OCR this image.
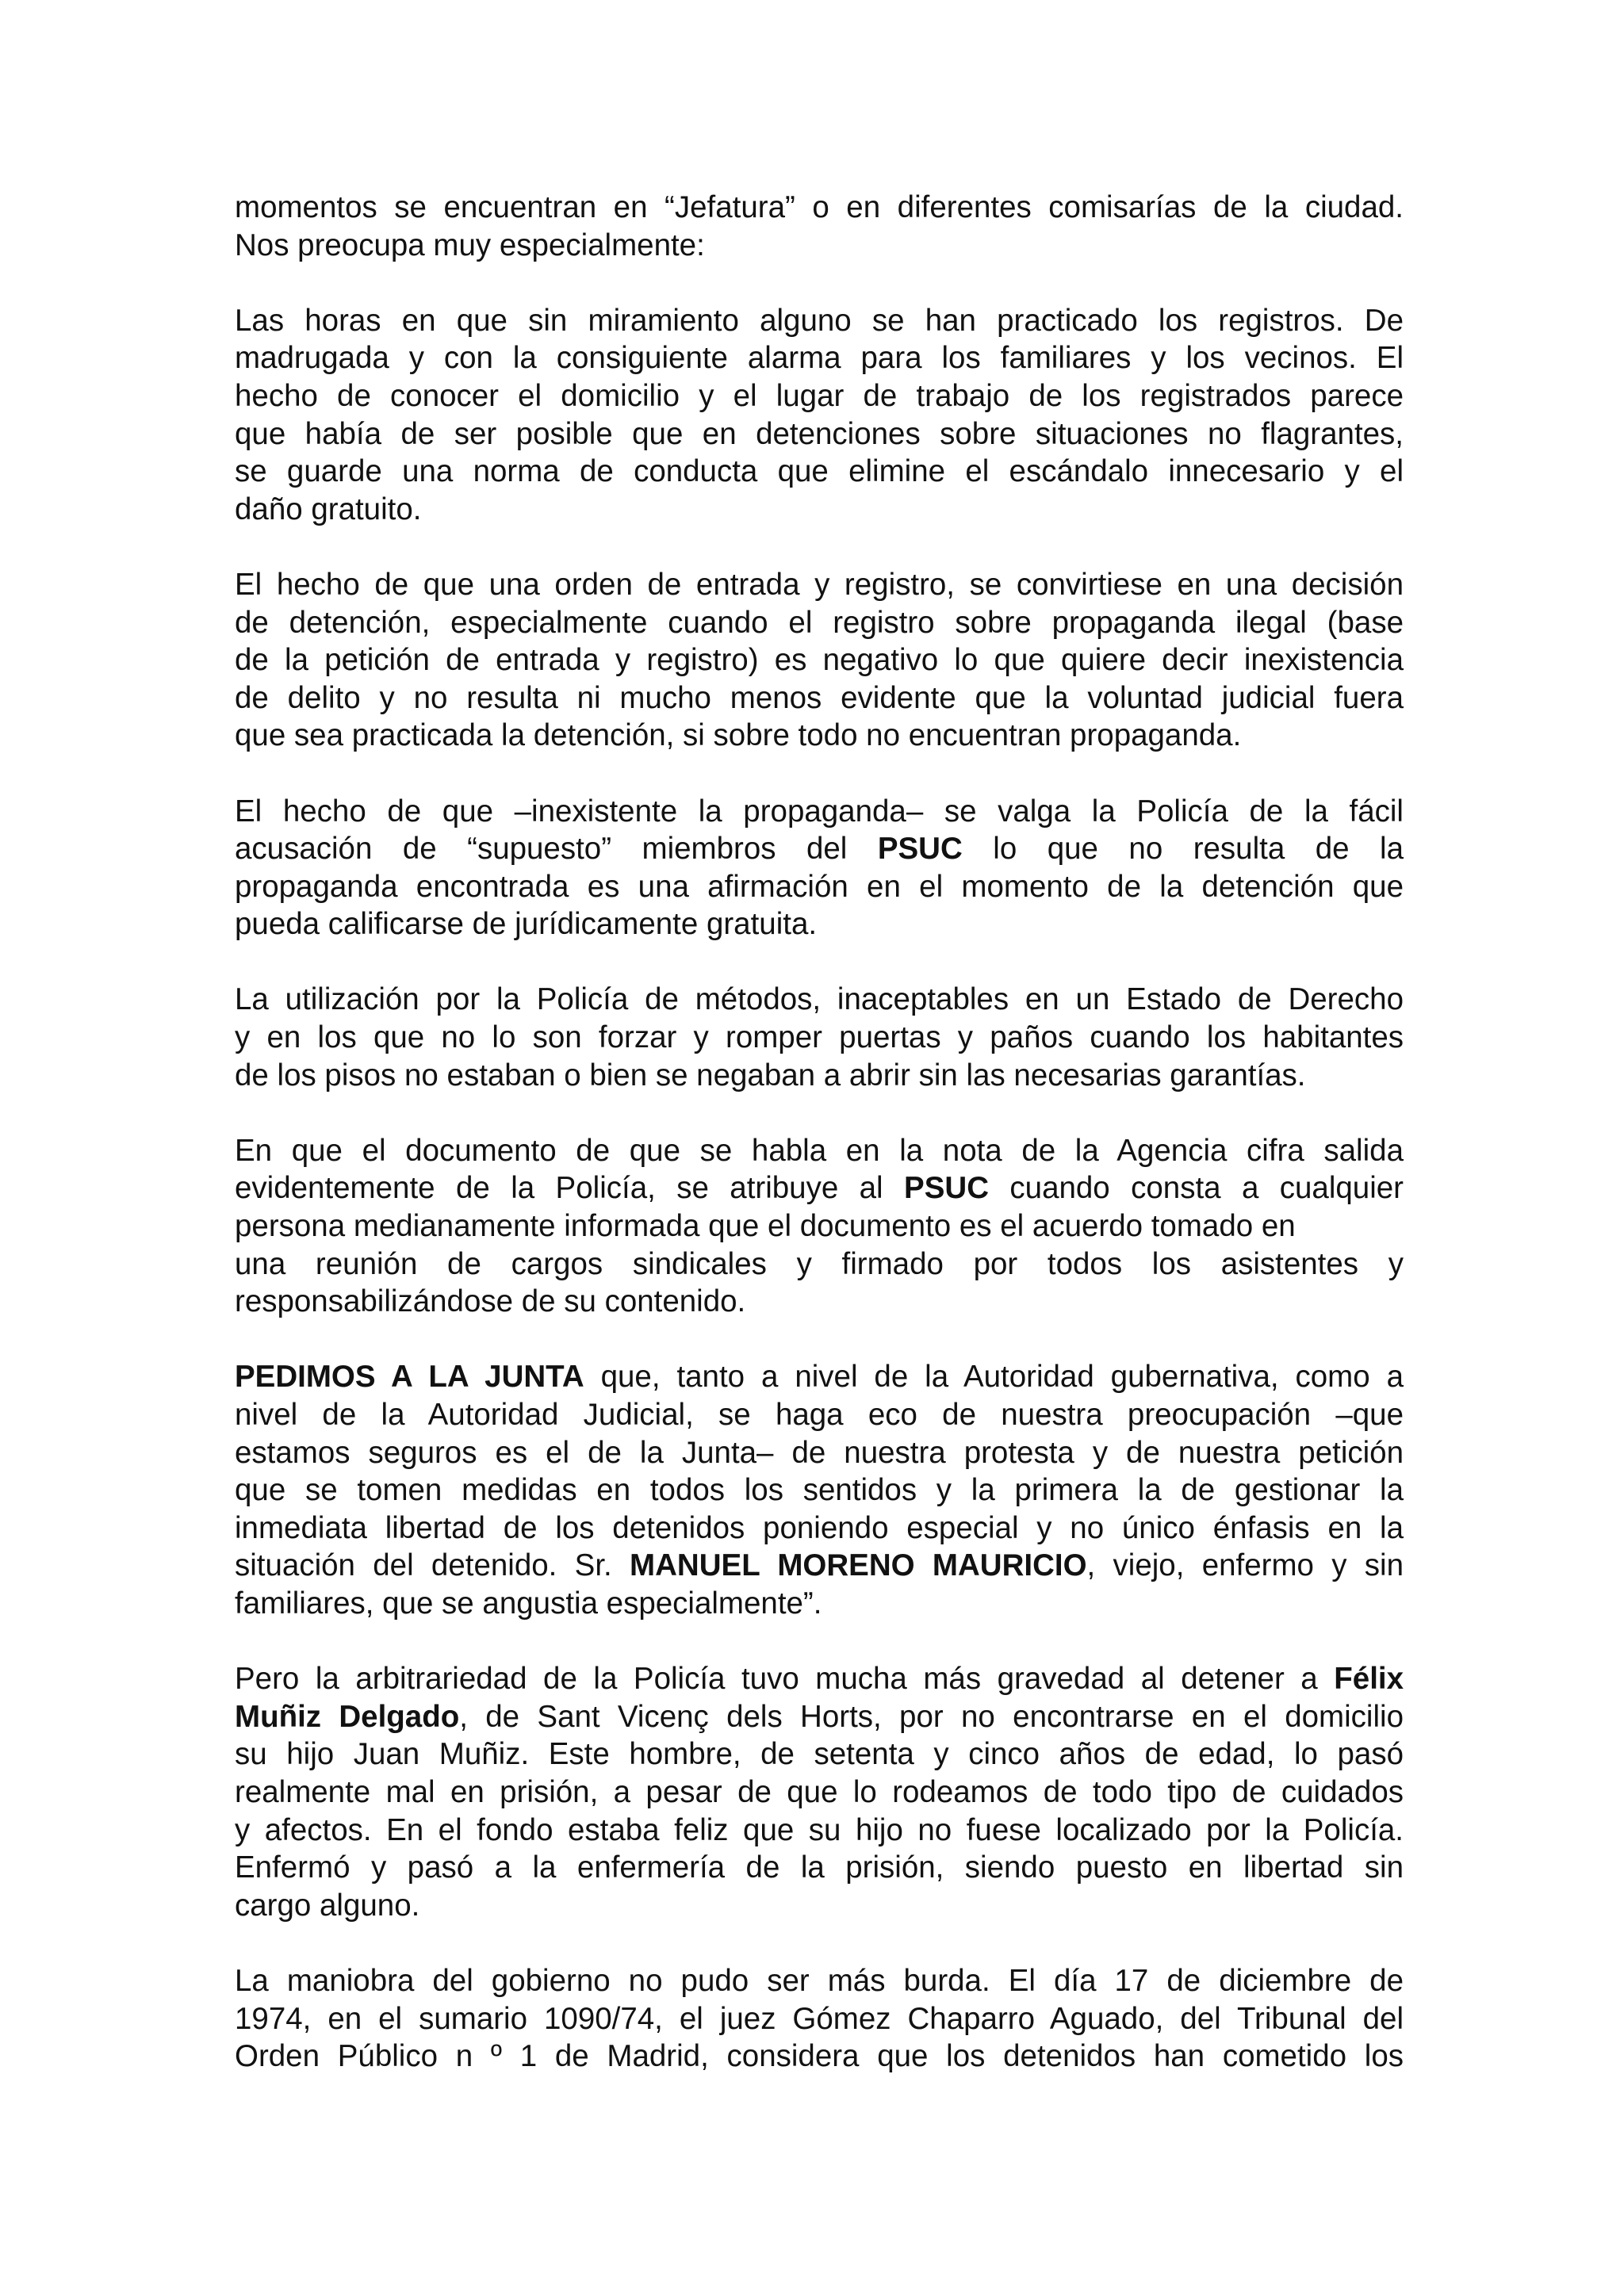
momentos se encuentran en “Jefatura” o en diferentes comisarías de la ciudad.
Nos preocupa muy especialmente:

Las horas en que sin miramiento alguno se han practicado los registros. De
madrugada y con la consiguiente alarma para los familiares y los vecinos. El
hecho de conocer el domicilio y el lugar de trabajo de los registrados parece
que había de ser posible que en detenciones sobre situaciones no flagrantes,
se guarde una norma de conducta que elimine el escándalo innecesario y el
daño gratuito.

El hecho de que una orden de entrada y registro, se convirtiese en una decisión
de detención, especialmente cuando el registro sobre propaganda ilegal (base
de la petición de entrada y registro) es negativo lo que quiere decir inexistencia
de delito y no resulta ni mucho menos evidente que la voluntad judicial fuera
que sea practicada la detención, si sobre todo no encuentran propaganda.

El hecho de que –inexistente la propaganda– se valga la Policía de la fácil
acusación de “supuesto” miembros del PSUC lo que no resulta de la
propaganda encontrada es una afirmación en el momento de la detención que
pueda calificarse de jurídicamente gratuita.

La utilización por la Policía de métodos, inaceptables en un Estado de Derecho
y en los que no lo son forzar y romper puertas y paños cuando los habitantes
de los pisos no estaban o bien se negaban a abrir sin las necesarias garantías.

En que el documento de que se habla en la nota de la Agencia cifra salida
evidentemente de la Policía, se atribuye al PSUC cuando consta a cualquier
persona medianamente informada que el documento es el acuerdo tomado en
una reunión de cargos sindicales y firmado por todos los asistentes y
responsabilizándose de su contenido.

PEDIMOS A LA JUNTA que, tanto a nivel de la Autoridad gubernativa, como a
nivel de la Autoridad Judicial, se haga eco de nuestra preocupación –que
estamos seguros es el de la Junta– de nuestra protesta y de nuestra petición
que se tomen medidas en todos los sentidos y la primera la de gestionar la
inmediata libertad de los detenidos poniendo especial y no único énfasis en la
situación del detenido. Sr. MANUEL MORENO MAURICIO, viejo, enfermo y sin
familiares, que se angustia especialmente”.

Pero la arbitrariedad de la Policía tuvo mucha más gravedad al detener a Félix
Muñiz Delgado, de Sant Vicenç dels Horts, por no encontrarse en el domicilio
su hijo Juan Muñiz. Este hombre, de setenta y cinco años de edad, lo pasó
realmente mal en prisión, a pesar de que lo rodeamos de todo tipo de cuidados
y afectos. En el fondo estaba feliz que su hijo no fuese localizado por la Policía.
Enfermó y pasó a la enfermería de la prisión, siendo puesto en libertad sin
cargo alguno.

La maniobra del gobierno no pudo ser más burda. El día 17 de diciembre de
1974, en el sumario 1090/74, el juez Gómez Chaparro Aguado, del Tribunal del
Orden Público n º 1 de Madrid, considera que los detenidos han cometido los
